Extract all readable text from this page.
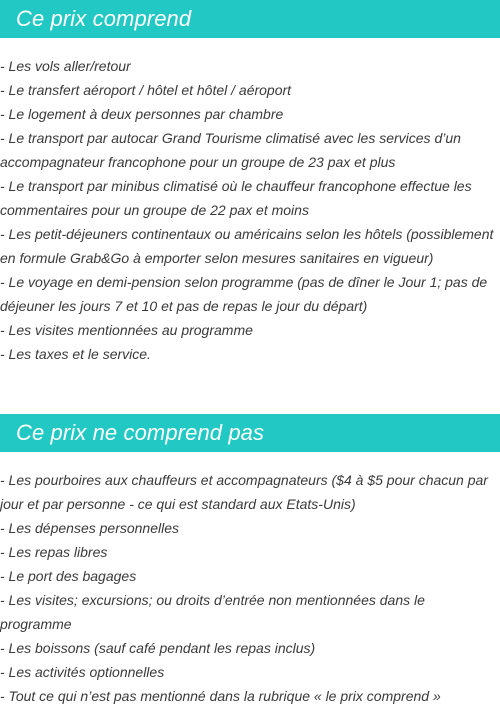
Ce prix comprend
- Les vols aller/retour
- Le transfert aéroport / hôtel et hôtel / aéroport
- Le logement à deux personnes par chambre
- Le transport par autocar Grand Tourisme climatisé avec les services d’un accompagnateur francophone pour un groupe de 23 pax et plus
- Le transport par minibus climatisé où le chauffeur francophone effectue les commentaires pour un groupe de 22 pax et moins
- Les petit-déjeuners continentaux ou américains selon les hôtels (possiblement en formule Grab&Go à emporter selon mesures sanitaires en vigueur)
- Le voyage en demi-pension selon programme (pas de dîner le Jour 1; pas de déjeuner les jours 7 et 10 et pas de repas le jour du départ)
- Les visites mentionnées au programme
- Les taxes et le service.
Ce prix ne comprend pas
- Les pourboires aux chauffeurs et accompagnateurs ($4 à $5 pour chacun par jour et par personne - ce qui est standard aux Etats-Unis)
- Les dépenses personnelles
- Les repas libres
- Le port des bagages
- Les visites; excursions; ou droits d’entrée non mentionnées dans le programme
- Les boissons (sauf café pendant les repas inclus)
- Les activités optionnelles
- Tout ce qui n’est pas mentionné dans la rubrique « le prix comprend »
